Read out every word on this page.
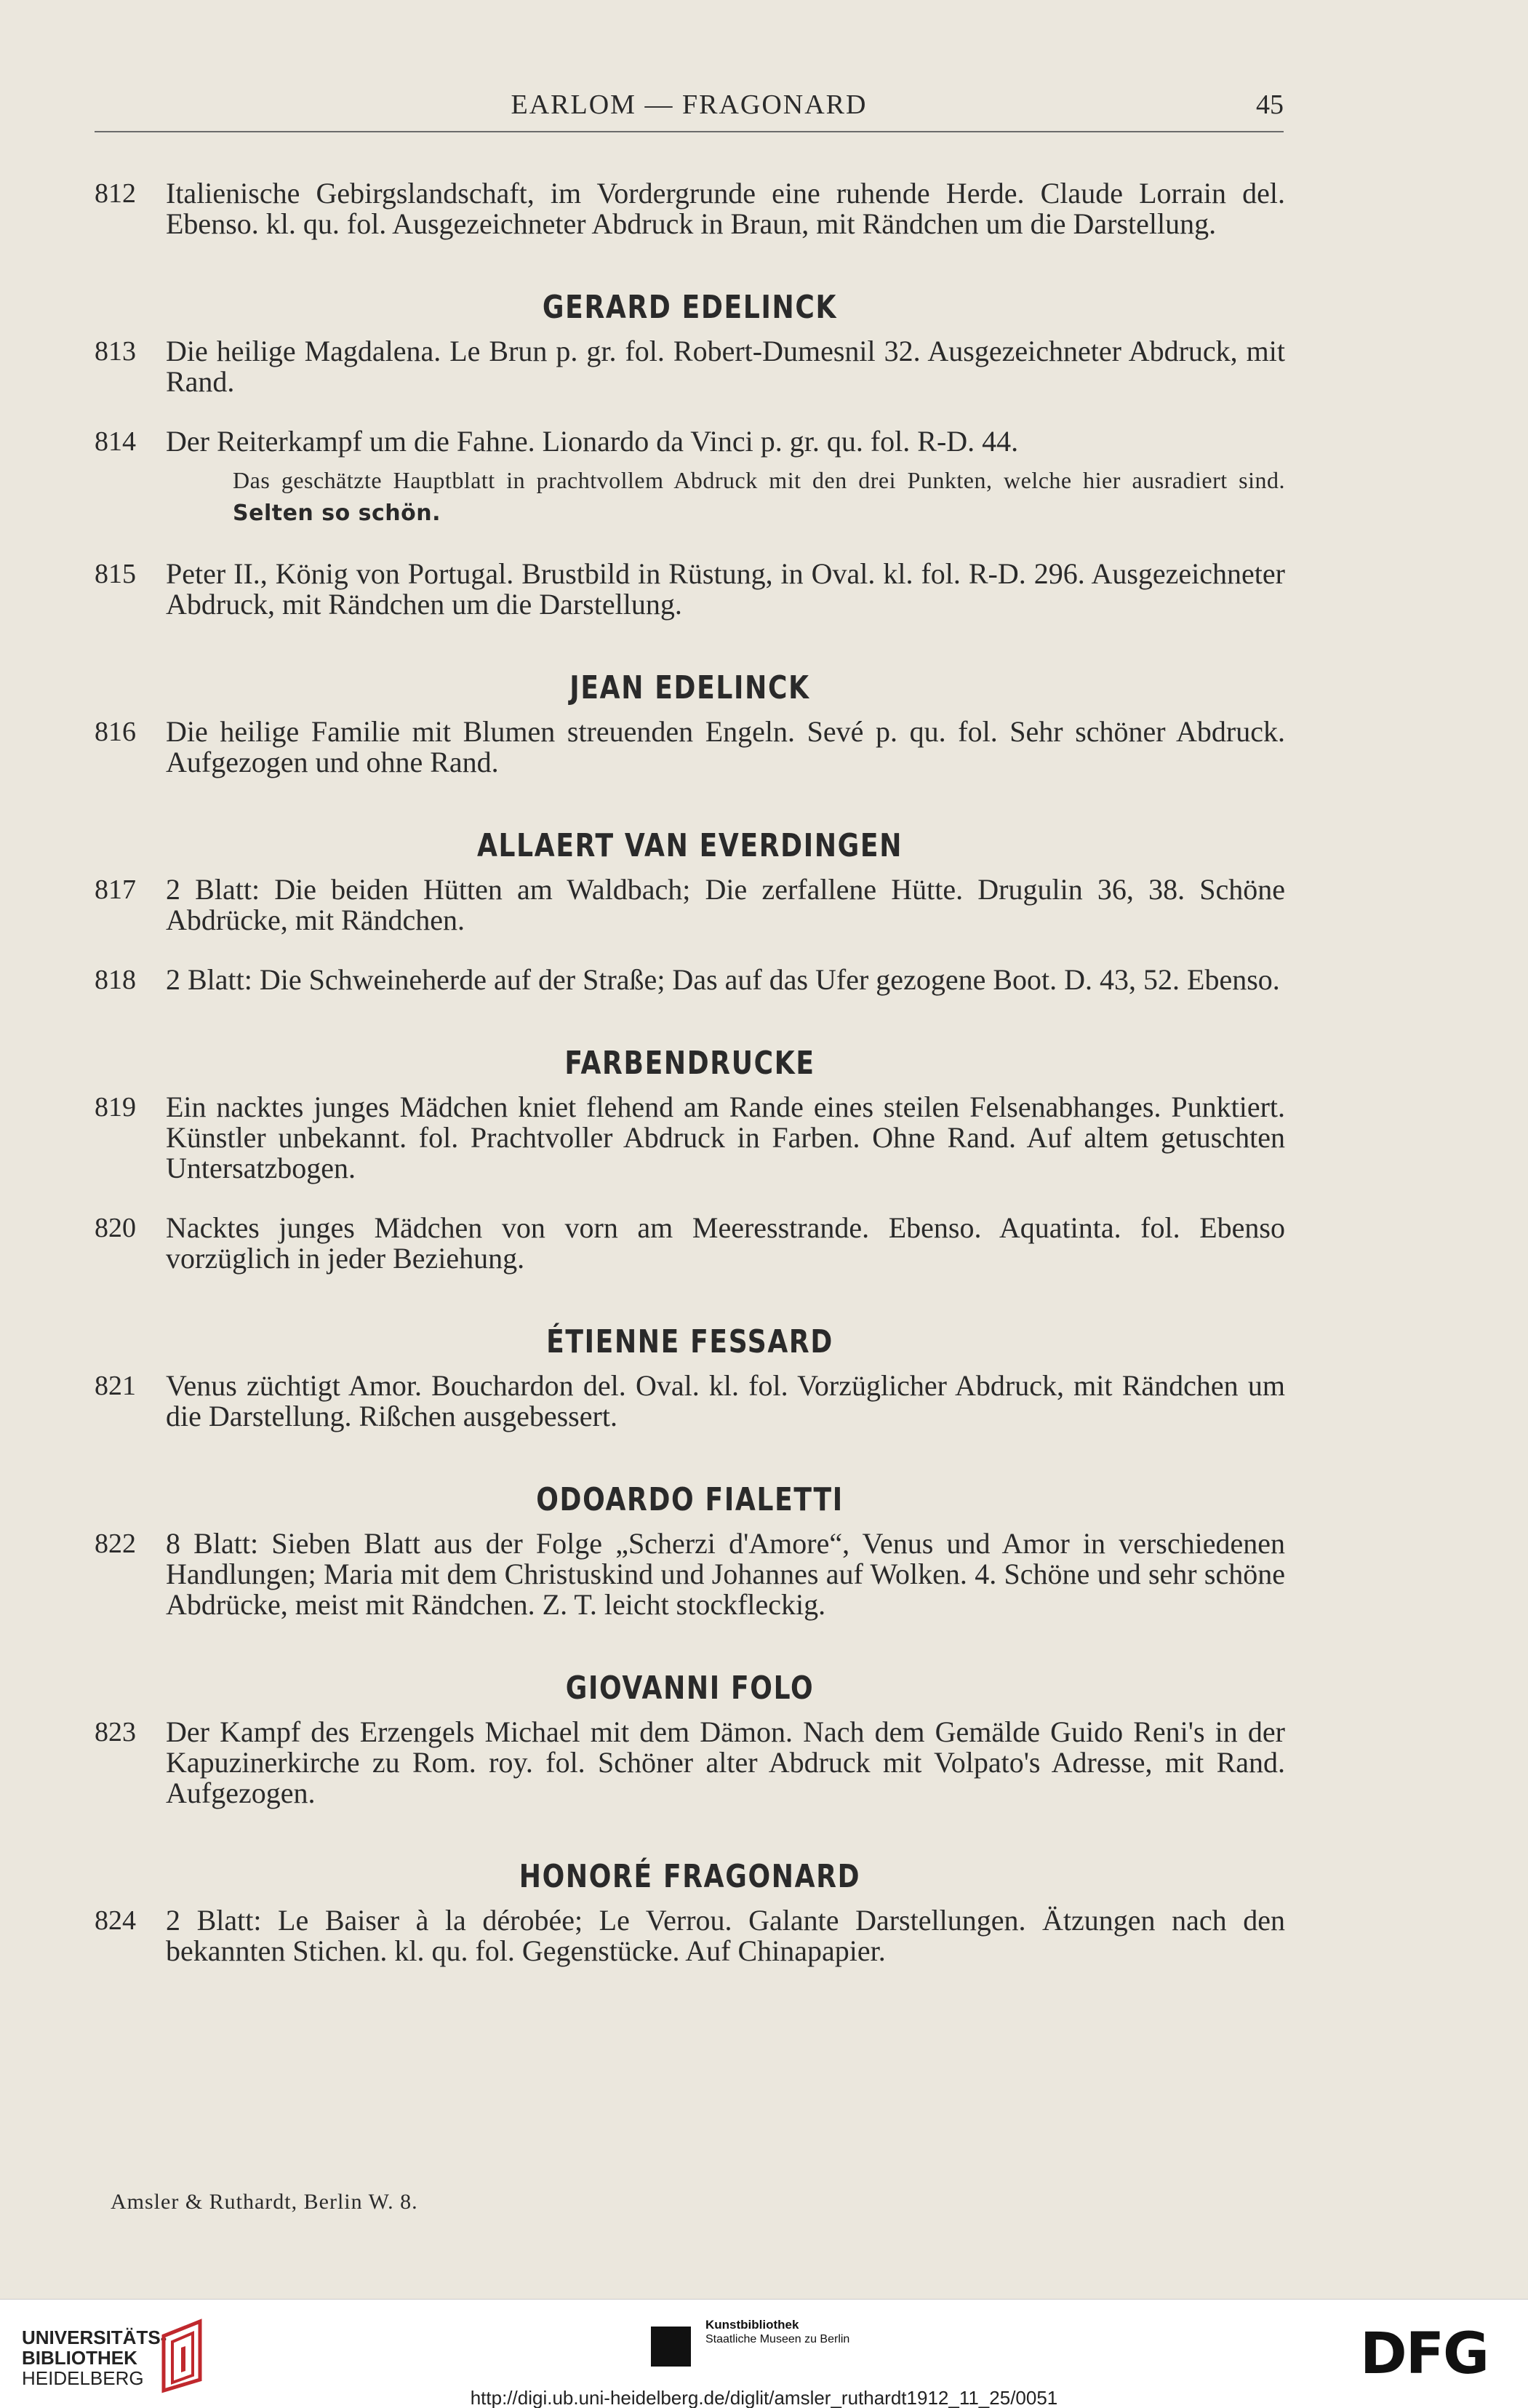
EARLOM — FRAGONARD	45
812	Italienische Gebirgslandschaft, im Vordergrunde eine ruhende Herde. Claude Lorrain del. Ebenso. kl. qu. fol. Ausgezeichneter Abdruck in Braun, mit Rändchen um die Darstellung.
GERARD EDELINCK
813	Die heilige Magdalena. Le Brun p. gr. fol. Robert-Dumesnil 32. Ausgezeichneter Abdruck, mit Rand.
814	Der Reiterkampf um die Fahne. Lionardo da Vinci p. gr. qu. fol. R-D. 44.
Das geschätzte Hauptblatt in prachtvollem Abdruck mit den drei Punkten, welche hier ausradiert sind. Selten so schön.
815	Peter II., König von Portugal. Brustbild in Rüstung, in Oval. kl. fol. R-D. 296. Ausgezeichneter Abdruck, mit Rändchen um die Darstellung.
JEAN EDELINCK
816	Die heilige Familie mit Blumen streuenden Engeln. Sevé p. qu. fol. Sehr schöner Abdruck. Aufgezogen und ohne Rand.
ALLAERT VAN EVERDINGEN
817	2 Blatt: Die beiden Hütten am Waldbach; Die zerfallene Hütte. Drugulin 36, 38. Schöne Abdrücke, mit Rändchen.
818	2 Blatt: Die Schweineherde auf der Straße; Das auf das Ufer gezogene Boot. D. 43, 52. Ebenso.
FARBENDRUCKE
819	Ein nacktes junges Mädchen kniet flehend am Rande eines steilen Felsenabhanges. Punktiert. Künstler unbekannt. fol. Prachtvoller Abdruck in Farben. Ohne Rand. Auf altem getuschten Untersatzbogen.
820	Nacktes junges Mädchen von vorn am Meeresstrande. Ebenso. Aquatinta. fol. Ebenso vorzüglich in jeder Beziehung.
ÉTIENNE FESSARD
821	Venus züchtigt Amor. Bouchardon del. Oval. kl. fol. Vorzüglicher Abdruck, mit Rändchen um die Darstellung. Rißchen ausgebessert.
ODOARDO FIALETTI
822	8 Blatt: Sieben Blatt aus der Folge „Scherzi d'Amore“, Venus und Amor in verschiedenen Handlungen; Maria mit dem Christuskind und Johannes auf Wolken. 4. Schöne und sehr schöne Abdrücke, meist mit Rändchen. Z. T. leicht stockfleckig.
GIOVANNI FOLO
823	Der Kampf des Erzengels Michael mit dem Dämon. Nach dem Gemälde Guido Reni's in der Kapuzinerkirche zu Rom. roy. fol. Schöner alter Abdruck mit Volpato's Adresse, mit Rand. Aufgezogen.
HONORÉ FRAGONARD
824	2 Blatt: Le Baiser à la dérobée; Le Verrou. Galante Darstellungen. Ätzungen nach den bekannten Stichen. kl. qu. fol. Gegenstücke. Auf Chinapapier.
Amsler & Ruthardt, Berlin W. 8.
UNIVERSITÄTS-
BIBLIOTHEK
HEIDELBERG
Kunstbibliothek
Staatliche Museen zu Berlin	DFG
http://digi.ub.uni-heidelberg.de/diglit/amsler_ruthardt1912_11_25/0051
